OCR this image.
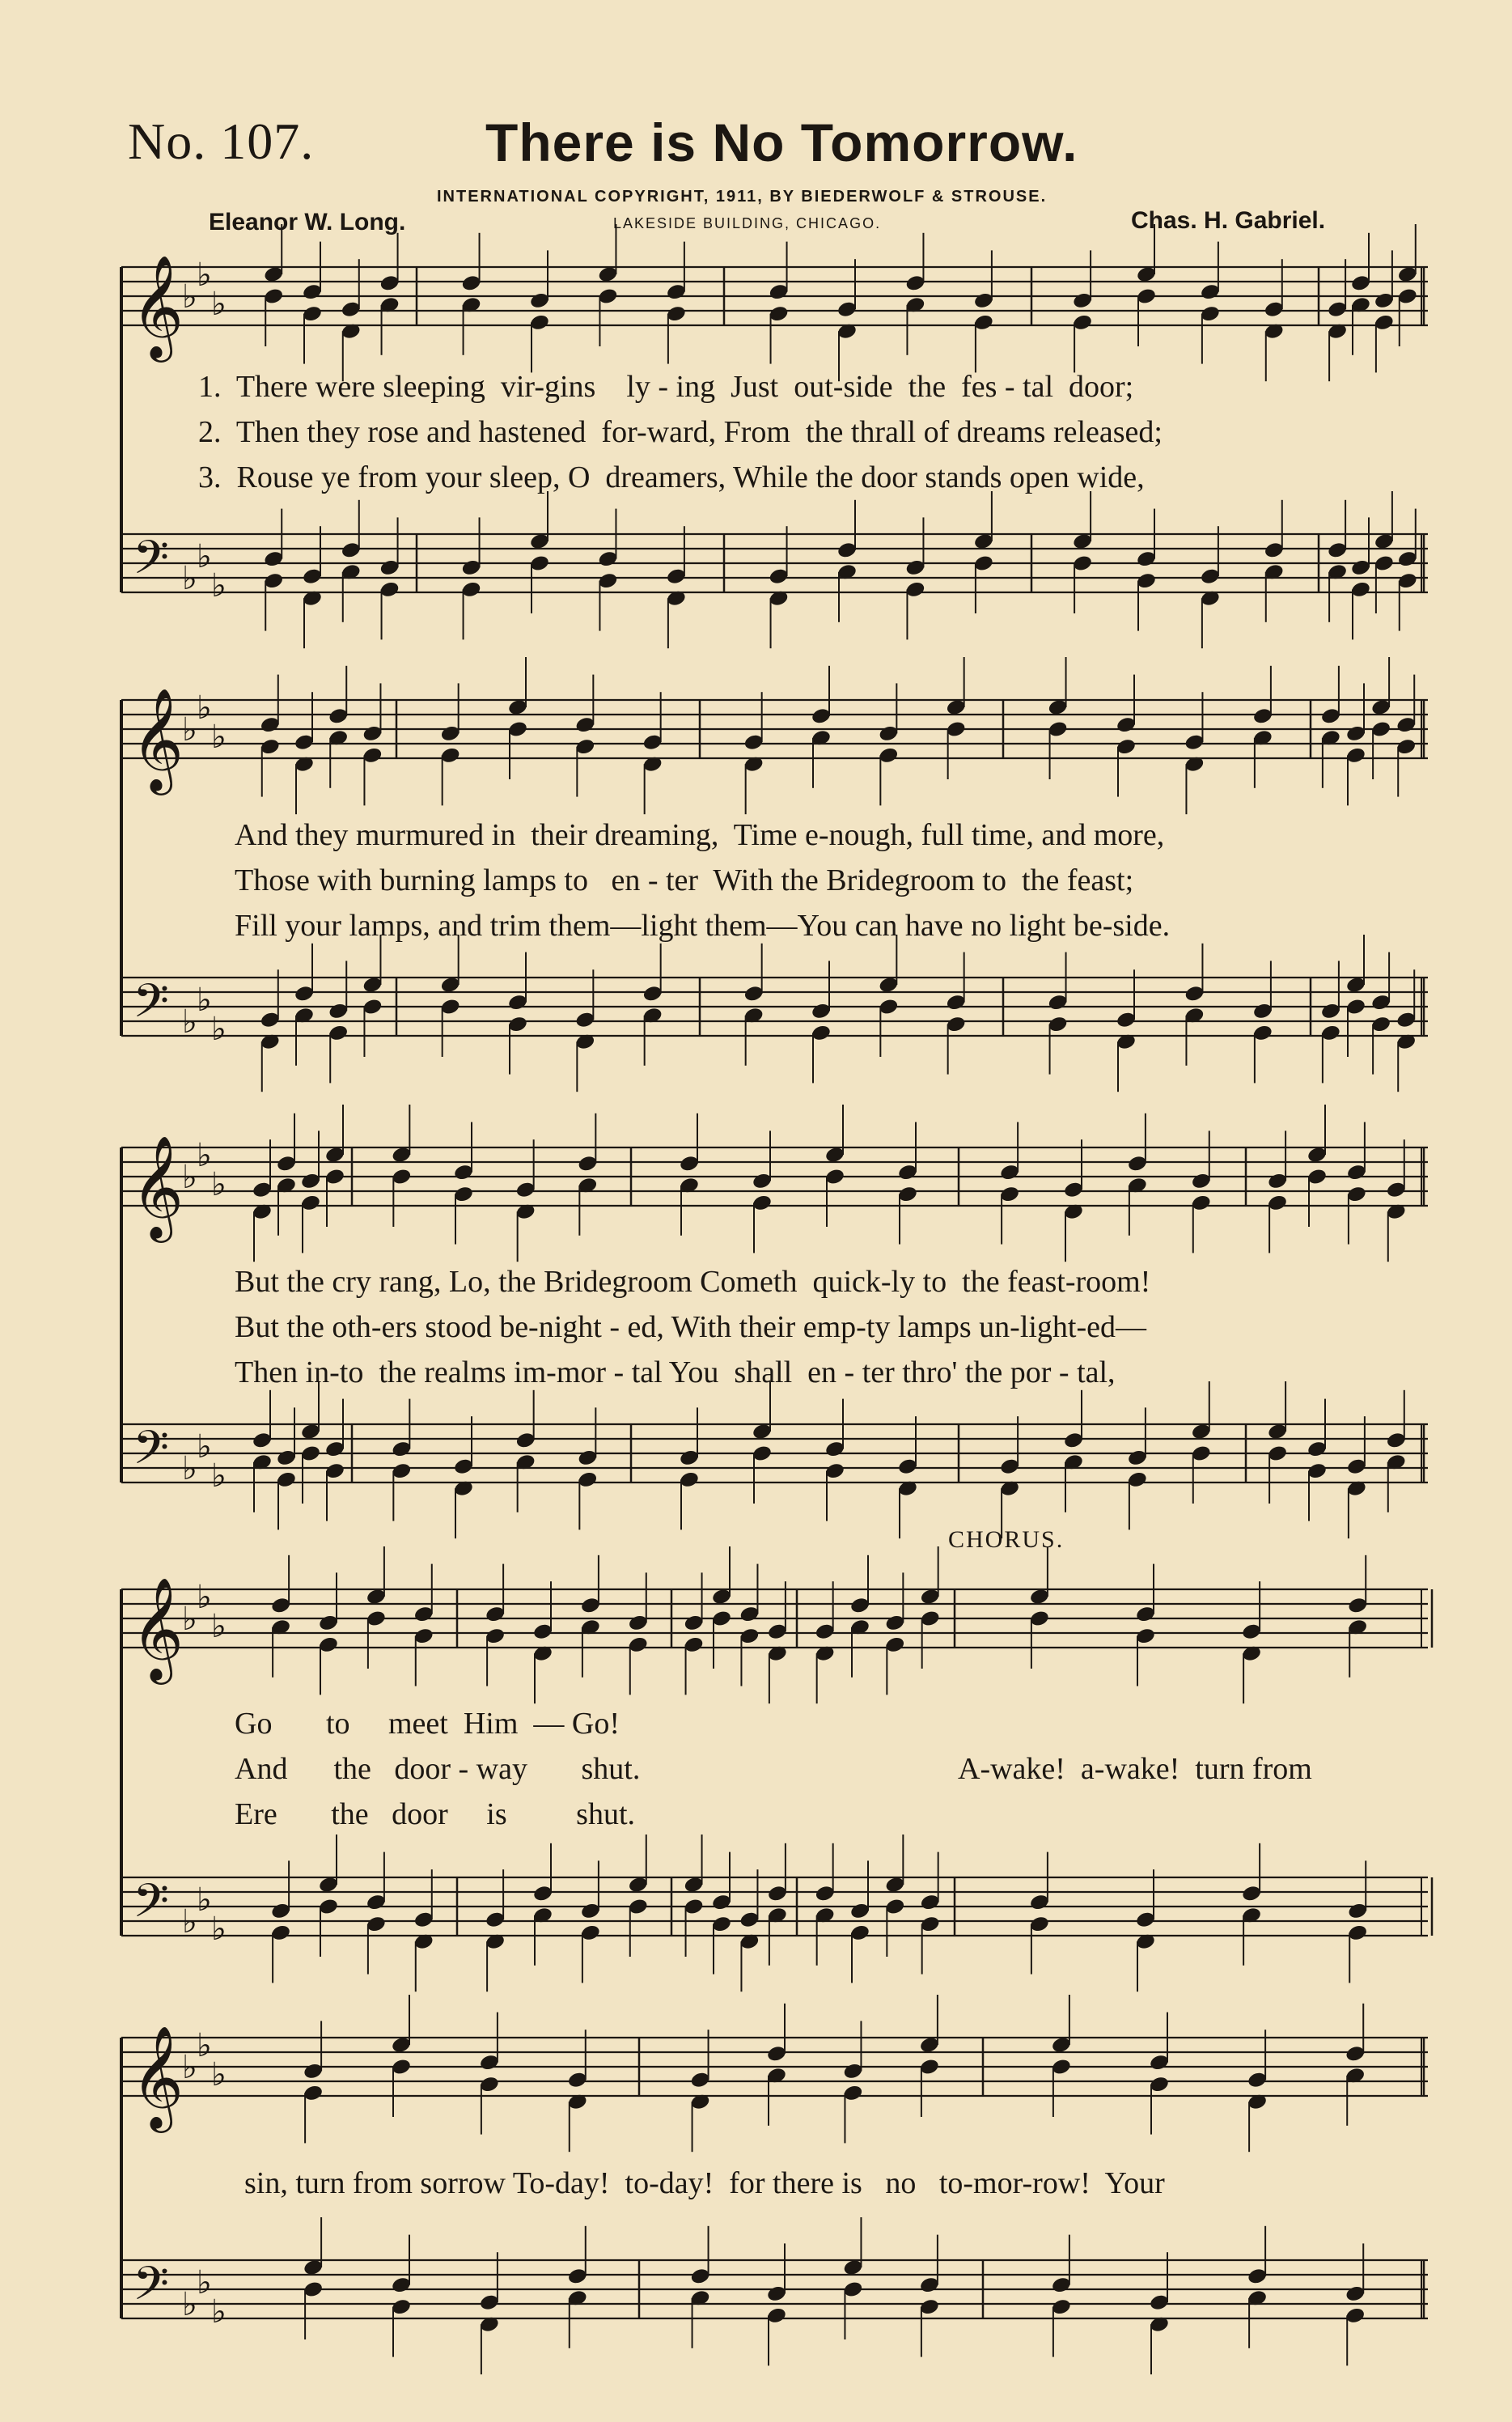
No. 107.	There is No Tomorrow.
INTERNATIONAL COPYRIGHT, 1911, BY BIEDERWOLF & STROUSE.
LAKESIDE BUILDING, CHICAGO.
Eleanor W. Long.	Chas. H. Gabriel.
𝄞
𝄢
♭
♭
♭
♭
♭
♭
𝄞
𝄢
♭
♭
♭
♭
♭
♭
𝄞
𝄢
♭
♭
♭
♭
♭
♭
𝄞
𝄢
♭
♭
♭
♭
♭
♭
𝄞
𝄢
♭
♭
♭
♭
♭
♭
1.  There were sleeping  vir-gins    ly - ing  Just  out-side  the  fes - tal  door;
2.  Then they rose and hastened  for-ward, From  the thrall of dreams released;
3.  Rouse ye from your sleep, O  dreamers, While the door stands open wide,
And they murmured in  their dreaming,  Time e-nough, full time, and more,
Those with burning lamps to   en - ter  With the Bridegroom to  the feast;
Fill your lamps, and trim them—light them—You can have no light be-side.
But the cry rang, Lo, the Bridegroom Cometh  quick-ly to  the feast-room!
But the oth-ers stood be-night - ed, With their emp-ty lamps un-light-ed—
Then in-to  the realms im-mor - tal You  shall  en - ter thro' the por - tal,
CHORUS.
Go       to     meet  Him  — Go!
And      the   door - way       shut.
Ere       the   door     is         shut.
A-wake!  a-wake!  turn from
sin, turn from sorrow To-day!  to-day!  for there is   no   to-mor-row!  Your
